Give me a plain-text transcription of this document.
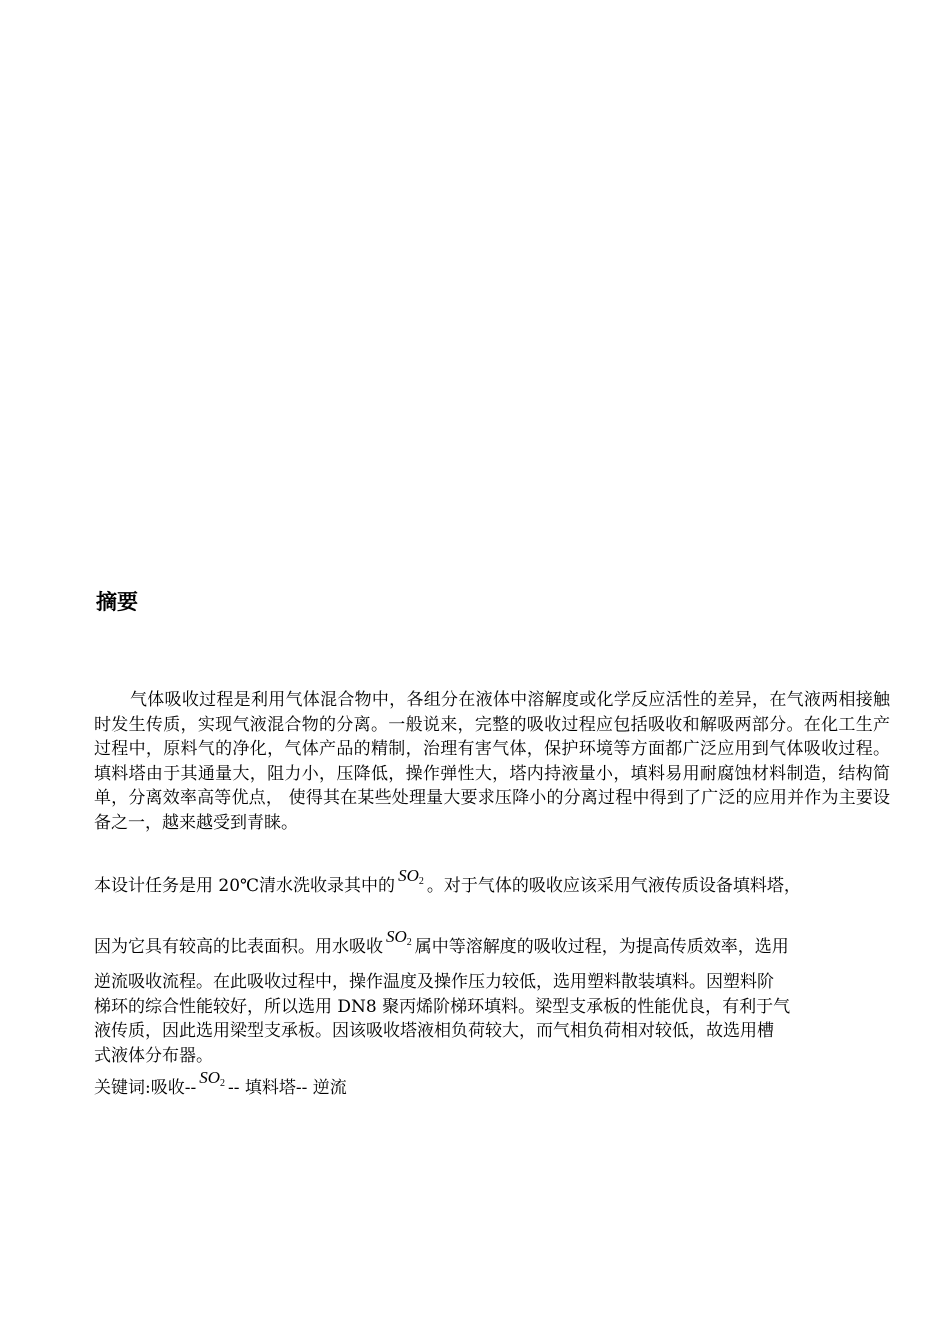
摘要

气体吸收过程是利用气体混合物中，各组分在液体中溶解度或化学反应活性的差异，在气液两相接触时发生传质，实现气液混合物的分离。一般说来，完整的吸收过程应包括吸收和解吸两部分。在化工生产过程中，原料气的净化，气体产品的精制，治理有害气体，保护环境等方面都广泛应用到气体吸收过程。填料塔由于其通量大，阻力小，压降低，操作弹性大，塔内持液量小，填料易用耐腐蚀材料制造，结构简单，分离效率高等优点， 使得其在某些处理量大要求压降小的分离过程中得到了广泛的应用并作为主要设备之一，越来越受到青睐。

本设计任务是用 20℃清水洗收录其中的$SO_2$ 。对于气体的吸收应该采用气液传质设备填料塔，
因为它具有较高的比表面积。用水吸收$SO_2$ 属中等溶解度的吸收过程，为提高传质效率，选用
逆流吸收流程。在此吸收过程中，操作温度及操作压力较低，选用塑料散装填料。因塑料阶
梯环的综合性能较好，所以选用 DN8 聚丙烯阶梯环填料。梁型支承板的性能优良，有利于气
液传质，因此选用梁型支承板。因该吸收塔液相负荷较大，而气相负荷相对较低，故选用槽
式液体分布器。

关键词:吸收$--SO_2$ -- 填料塔-- 逆流
